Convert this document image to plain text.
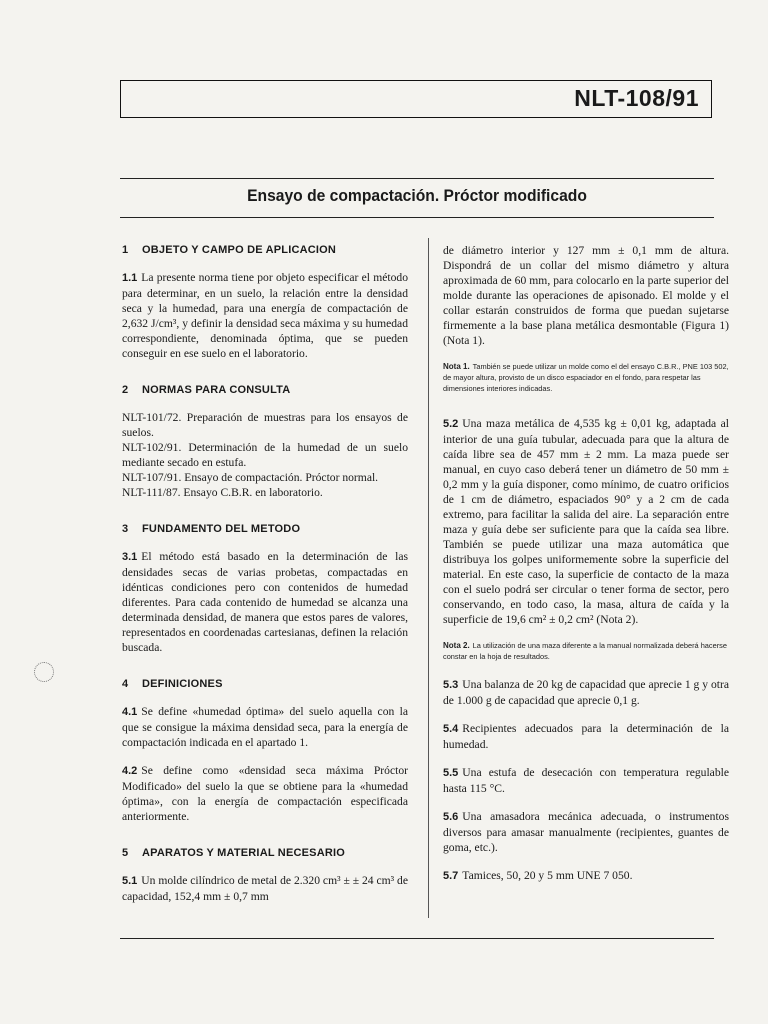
NLT-108/91
Ensayo de compactación. Próctor modificado
1 OBJETO Y CAMPO DE APLICACION

1.1 La presente norma tiene por objeto especificar el método para determinar, en un suelo, la relación entre la densidad seca y la humedad, para una energía de compactación de 2,632 J/cm³, y definir la densidad seca máxima y su humedad correspondiente, denominada óptima, que se pueden conseguir en ese suelo en el laboratorio.

2 NORMAS PARA CONSULTA

NLT-101/72. Preparación de muestras para los ensayos de suelos.
NLT-102/91. Determinación de la humedad de un suelo mediante secado en estufa.
NLT-107/91. Ensayo de compactación. Próctor normal.
NLT-111/87. Ensayo C.B.R. en laboratorio.

3 FUNDAMENTO DEL METODO

3.1 El método está basado en la determinación de las densidades secas de varias probetas, compactadas en idénticas condiciones pero con contenidos de humedad diferentes. Para cada contenido de humedad se alcanza una determinada densidad, de manera que estos pares de valores, representados en coordenadas cartesianas, definen la relación buscada.

4 DEFINICIONES

4.1 Se define «humedad óptima» del suelo aquella con la que se consigue la máxima densidad seca, para la energía de compactación indicada en el apartado 1.

4.2 Se define como «densidad seca máxima Próctor Modificado» del suelo la que se obtiene para la «humedad óptima», con la energía de compactación especificada anteriormente.

5 APARATOS Y MATERIAL NECESARIO

5.1 Un molde cilíndrico de metal de 2.320 cm³ ± ± 24 cm³ de capacidad, 152,4 mm ± 0,7 mm

de diámetro interior y 127 mm ± 0,1 mm de altura. Dispondrá de un collar del mismo diámetro y altura aproximada de 60 mm, para colocarlo en la parte superior del molde durante las operaciones de apisonado. El molde y el collar estarán construidos de forma que puedan sujetarse firmemente a la base plana metálica desmontable (Figura 1) (Nota 1).

Nota 1. También se puede utilizar un molde como el del ensayo C.B.R., PNE 103 502, de mayor altura, provisto de un disco espaciador en el fondo, para respetar las dimensiones interiores indicadas.

5.2 Una maza metálica de 4,535 kg ± 0,01 kg, adaptada al interior de una guía tubular, adecuada para que la altura de caída libre sea de 457 mm ± 2 mm. La maza puede ser manual, en cuyo caso deberá tener un diámetro de 50 mm ± 0,2 mm y la guía disponer, como mínimo, de cuatro orificios de 1 cm de diámetro, espaciados 90° y a 2 cm de cada extremo, para facilitar la salida del aire. La separación entre maza y guía debe ser suficiente para que la caída sea libre. También se puede utilizar una maza automática que distribuya los golpes uniformemente sobre la superficie del material. En este caso, la superficie de contacto de la maza con el suelo podrá ser circular o tener forma de sector, pero conservando, en todo caso, la masa, altura de caída y la superficie de 19,6 cm² ± 0,2 cm² (Nota 2).

Nota 2. La utilización de una maza diferente a la manual normalizada deberá hacerse constar en la hoja de resultados.

5.3 Una balanza de 20 kg de capacidad que aprecie 1 g y otra de 1.000 g de capacidad que aprecie 0,1 g.

5.4 Recipientes adecuados para la determinación de la humedad.

5.5 Una estufa de desecación con temperatura regulable hasta 115 °C.

5.6 Una amasadora mecánica adecuada, o instrumentos diversos para amasar manualmente (recipientes, guantes de goma, etc.).

5.7 Tamices, 50, 20 y 5 mm UNE 7 050.
